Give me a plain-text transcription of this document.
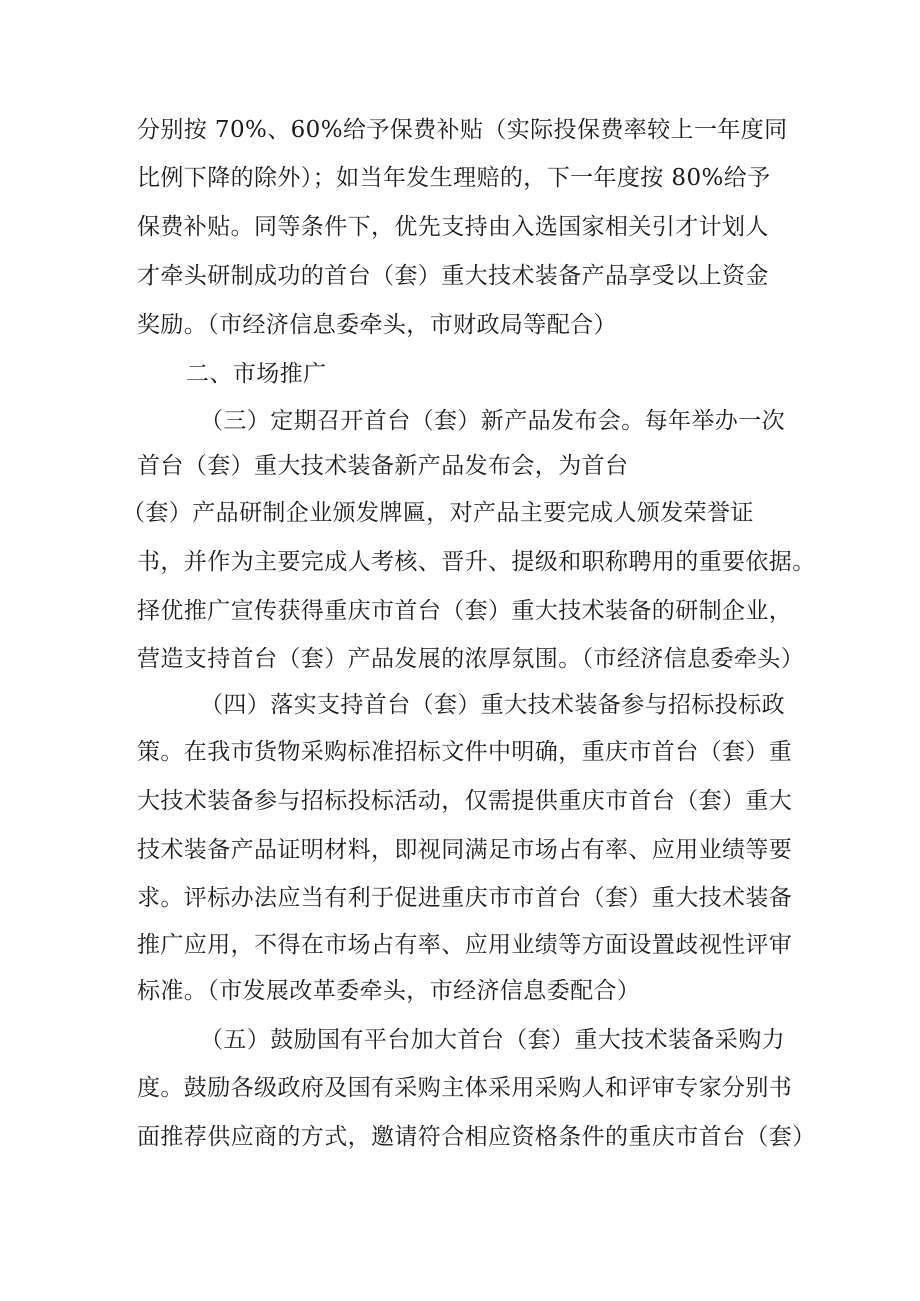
分别按 70%、60%给予保费补贴（实际投保费率较上一年度同
比例下降的除外）；如当年发生理赔的，下一年度按 80%给予
保费补贴。同等条件下，优先支持由入选国家相关引才计划人
才牵头研制成功的首台（套）重大技术装备产品享受以上资金
奖励。（市经济信息委牵头，市财政局等配合）
二、市场推广
（三）定期召开首台（套）新产品发布会。每年举办一次
首台（套）重大技术装备新产品发布会，为首台
（套）产品研制企业颁发牌匾，对产品主要完成人颁发荣誉证
书，并作为主要完成人考核、晋升、提级和职称聘用的重要依据。
择优推广宣传获得重庆市首台（套）重大技术装备的研制企业，
营造支持首台（套）产品发展的浓厚氛围。（市经济信息委牵头）
（四）落实支持首台（套）重大技术装备参与招标投标政
策。在我市货物采购标准招标文件中明确，重庆市首台（套）重
大技术装备参与招标投标活动，仅需提供重庆市首台（套）重大
技术装备产品证明材料，即视同满足市场占有率、应用业绩等要
求。评标办法应当有利于促进重庆市市首台（套）重大技术装备
推广应用，不得在市场占有率、应用业绩等方面设置歧视性评审
标准。（市发展改革委牵头，市经济信息委配合）
（五）鼓励国有平台加大首台（套）重大技术装备采购力
度。鼓励各级政府及国有采购主体采用采购人和评审专家分别书
面推荐供应商的方式，邀请符合相应资格条件的重庆市首台（套）
